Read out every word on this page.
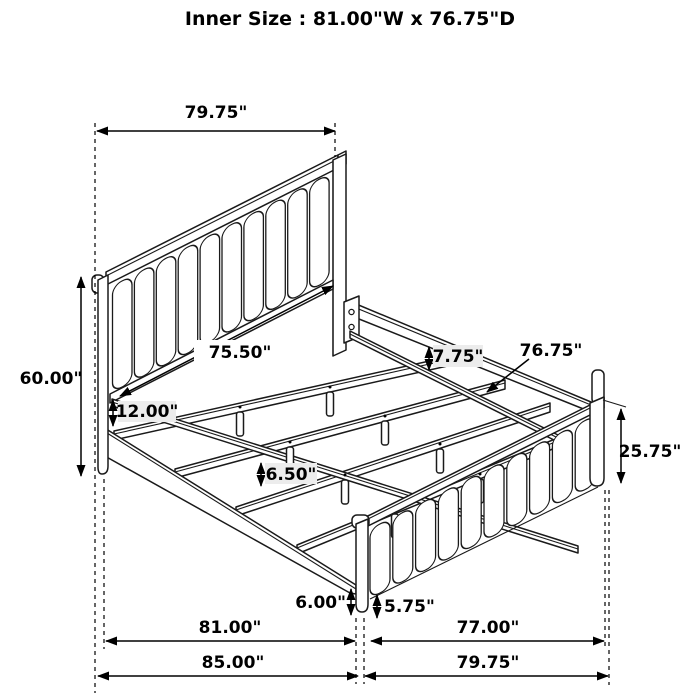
79.75"
60.00"
75.50"
12.00"
7.75" 76.75"
25.75"
6.50"
6.00" 5.75"
81.00"	77.00"
85.00"	79.75"
Inner Size : 81.00"W x 76.75"D
